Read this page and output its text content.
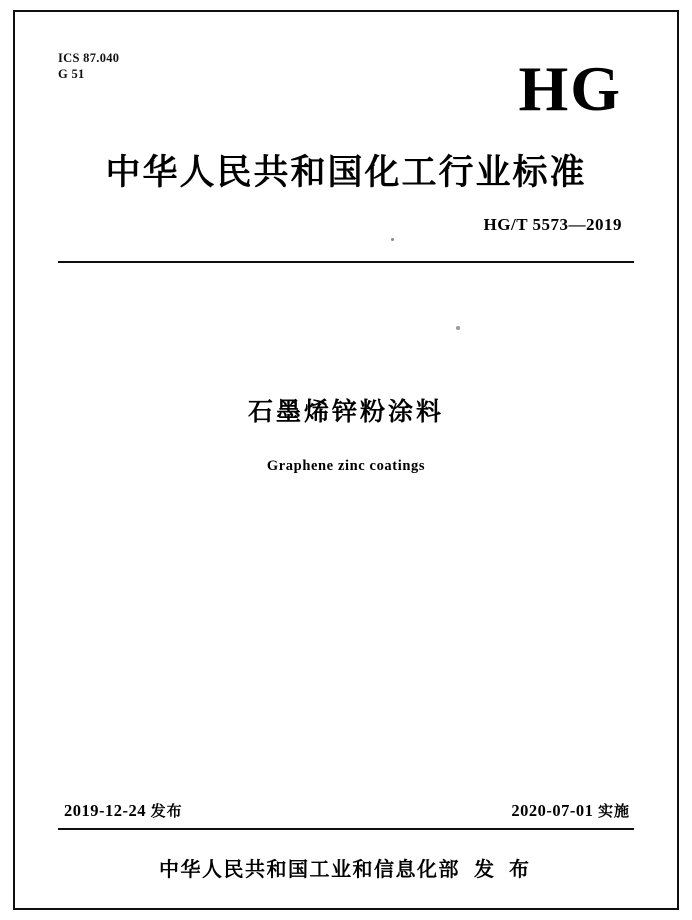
ICS 87.040
G 51	HG
中华人民共和国化工行业标准
HG/T 5573—2019
石墨烯锌粉涂料
Graphene zinc coatings
2019-12-24 发布	2020-07-01 实施
中华人民共和国工业和信息化部 发 布
